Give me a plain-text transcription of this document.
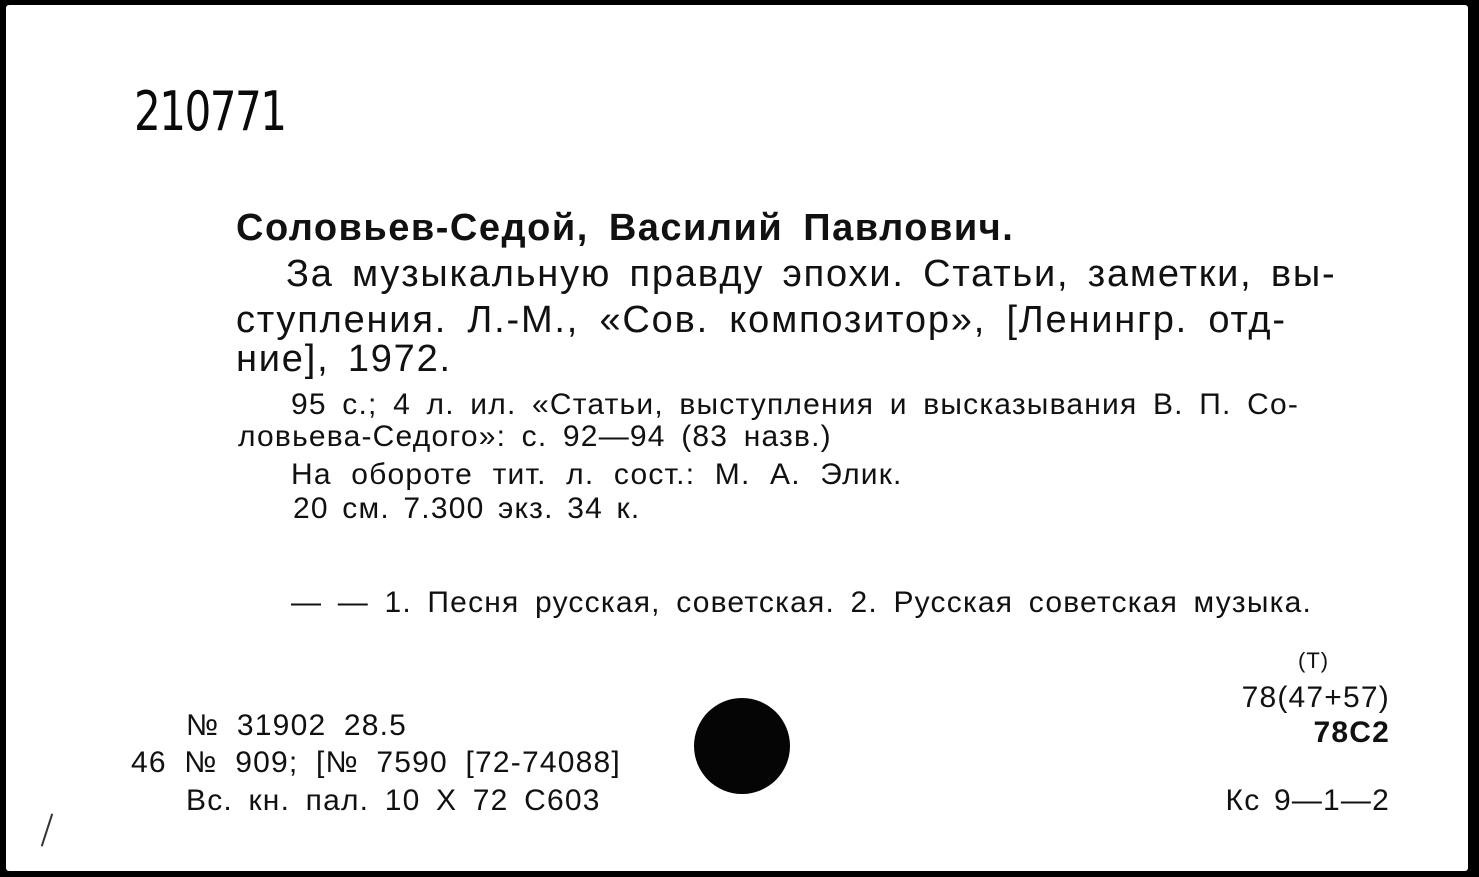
210771
Соловьев-Седой, Василий Павлович.
За музыкальную правду эпохи. Статьи, заметки, вы-
ступления. Л.-М., «Сов. композитор», [Ленингр. отд-
ние], 1972.
95 с.; 4 л. ил. «Статьи, выступления и высказывания В. П. Со-
ловьева-Седого»: с. 92—94 (83 назв.)
На обороте тит. л. сост.: М. А. Элик.
20 см. 7.300 экз. 34 к.
— — 1. Песня русская, советская. 2. Русская советская музыка.
(Т)
78(47+57)
78С2
Кс 9—1—2
№ 31902 28.5
46 № 909; [№ 7590 [72-74088]
Вс. кн. пал. 10 Х 72 С603
